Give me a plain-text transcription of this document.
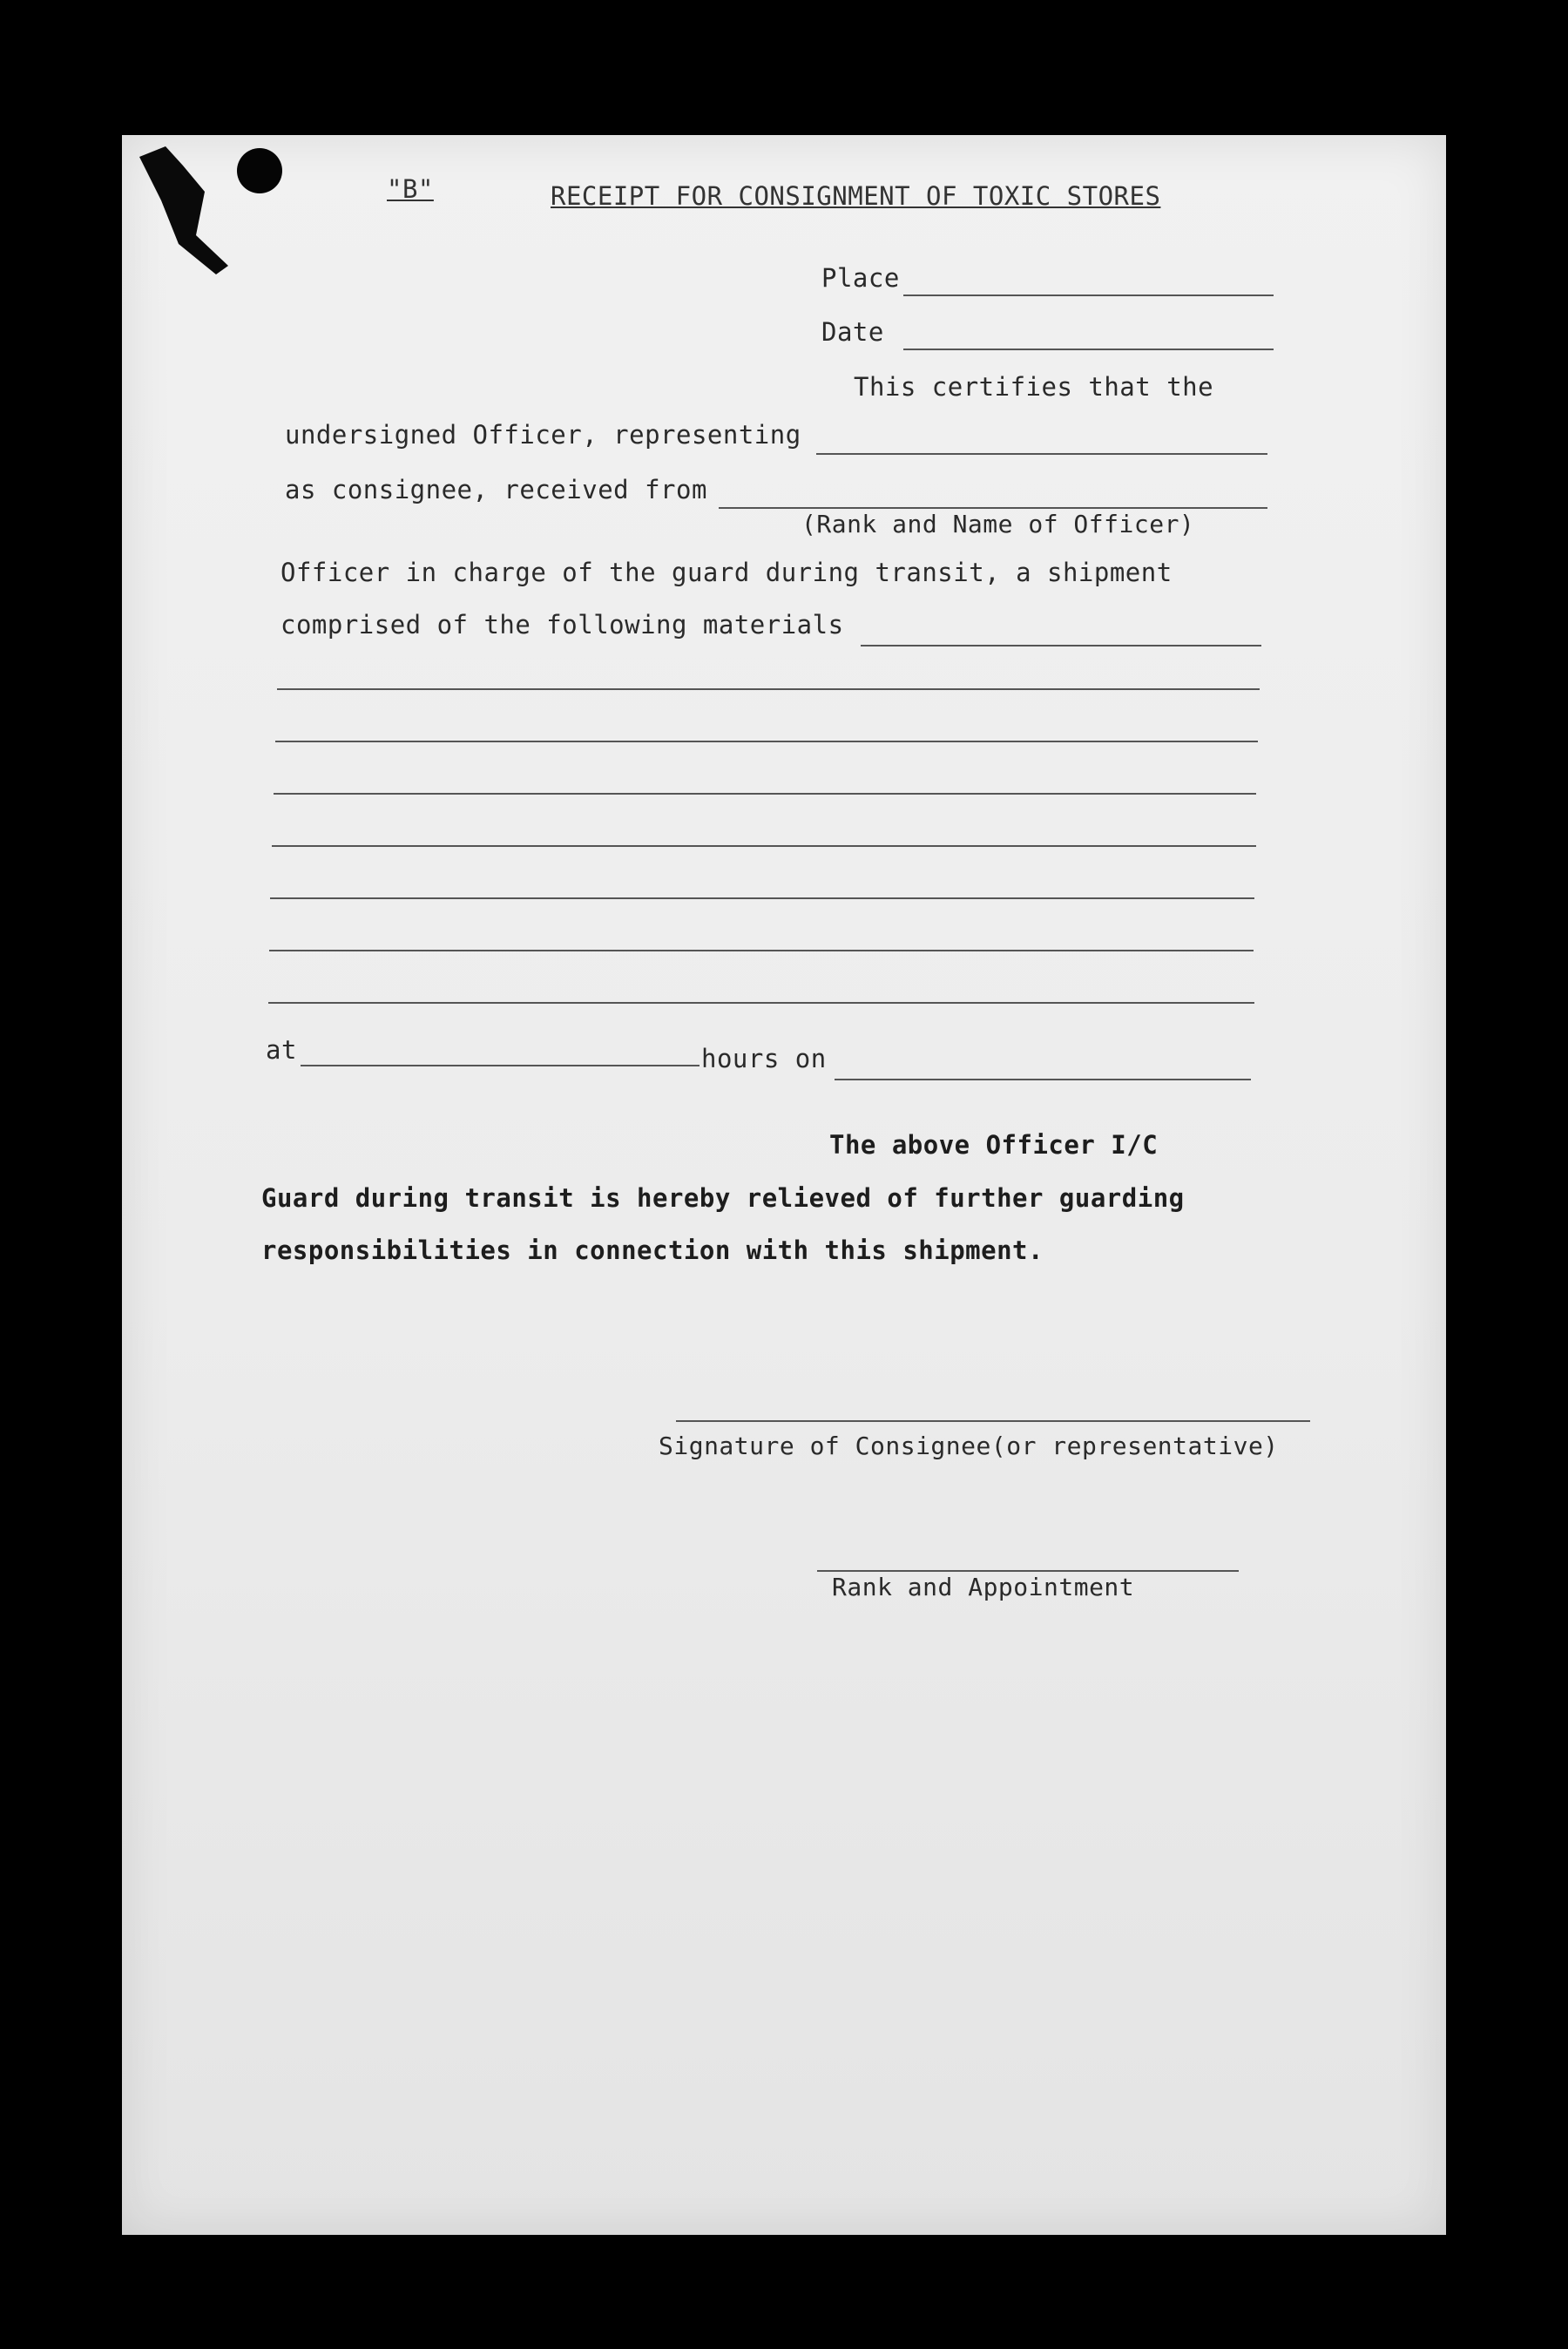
"B"	RECEIPT FOR CONSIGNMENT OF TOXIC STORES
Place
Date
This certifies that the
undersigned Officer, representing
as consignee, received from
(Rank and Name of Officer)
Officer in charge of the guard during transit, a shipment
comprised of the following materials
at	hours on
The above Officer I/C
Guard during transit is hereby relieved of further guarding
responsibilities in connection with this shipment.
Signature of Consignee(or representative)
Rank and Appointment
